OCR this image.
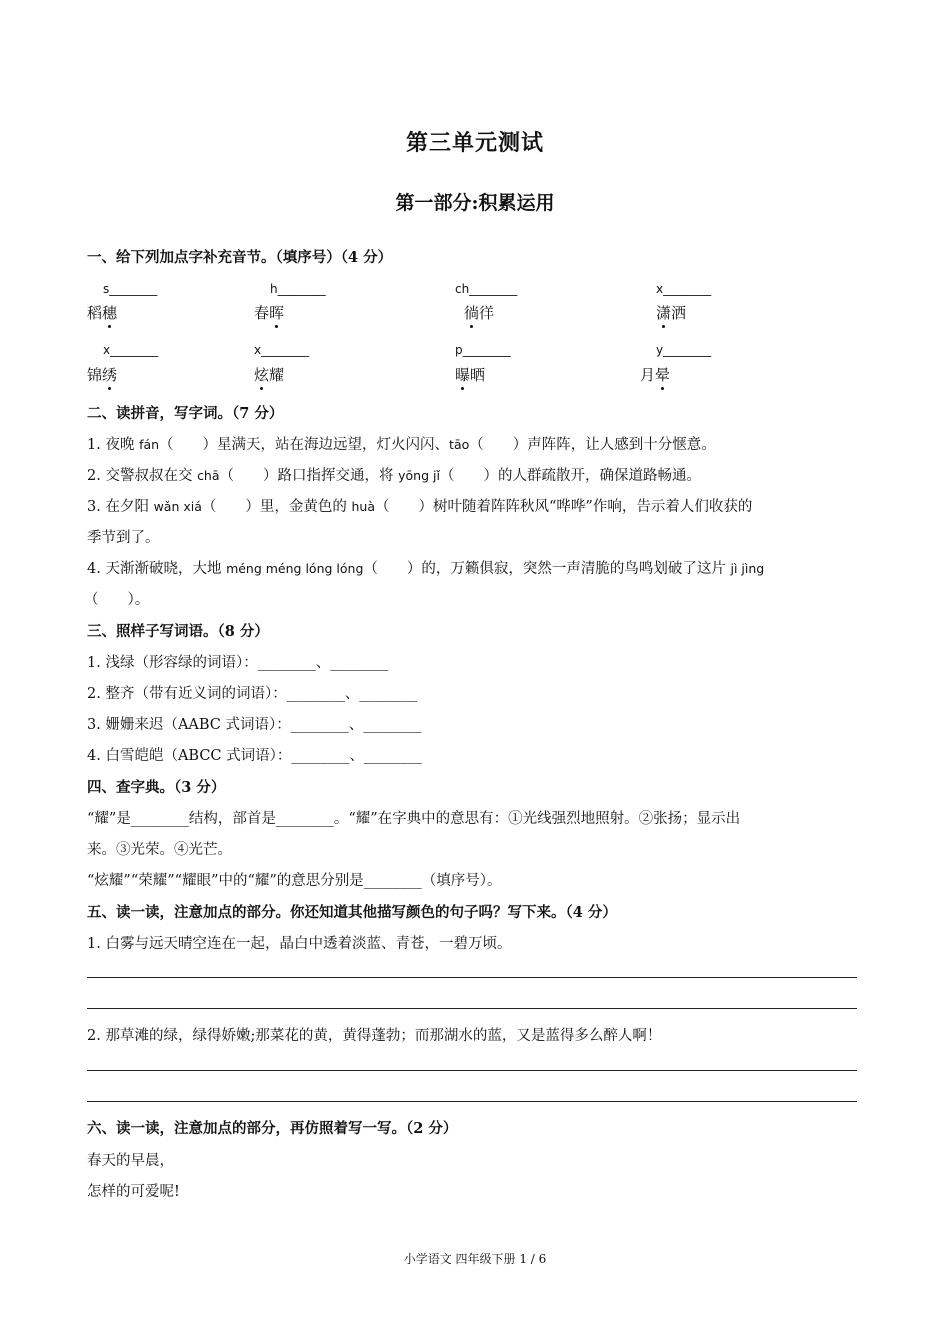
第三单元测试
第一部分:积累运用
一、给下列加点字补充音节。（填序号）（4 分）
s________	h________	ch________	x________
稻穗	春晖	徜徉	潇洒
x________	x________	p________	y________
锦绣	炫耀	曝晒	月晕
二、读拼音，写字词。（7 分）
1. 夜晚 fán（　　）星满天，站在海边远望，灯火闪闪、tāo（　　）声阵阵，让人感到十分惬意。
2. 交警叔叔在交 chā（　　）路口指挥交通，将 yōng jǐ（　　）的人群疏散开，确保道路畅通。
3. 在夕阳 wǎn xiá（　　）里，金黄色的 huà（　　）树叶随着阵阵秋风“哗哗”作响，告示着人们收获的
季节到了。
4. 天渐渐破晓，大地 méng méng lóng lóng（　　）的，万籁俱寂，突然一声清脆的鸟鸣划破了这片 jì jìng
（　　）。
三、照样子写词语。（8 分）
1. 浅绿（形容绿的词语）：________、________
2. 整齐（带有近义词的词语）：________、________
3. 姗姗来迟（AABC 式词语）：________、________
4. 白雪皑皑（ABCC 式词语）：________、________
四、查字典。（3 分）
“耀”是________结构，部首是________。“耀”在字典中的意思有：①光线强烈地照射。②张扬；显示出
来。③光荣。④光芒。
“炫耀”“荣耀”“耀眼”中的“耀”的意思分别是________（填序号）。
五、读一读，注意加点的部分。你还知道其他描写颜色的句子吗？写下来。（4 分）
1. 白雾与远天晴空连在一起，晶白中透着淡蓝、青苍，一碧万顷。
2. 那草滩的绿，绿得娇嫩;那菜花的黄，黄得蓬勃；而那湖水的蓝，又是蓝得多么醉人啊！
六、读一读，注意加点的部分，再仿照着写一写。（2 分）
春天的早晨，
怎样的可爱呢!
小学语文 四年级下册 1 / 6
